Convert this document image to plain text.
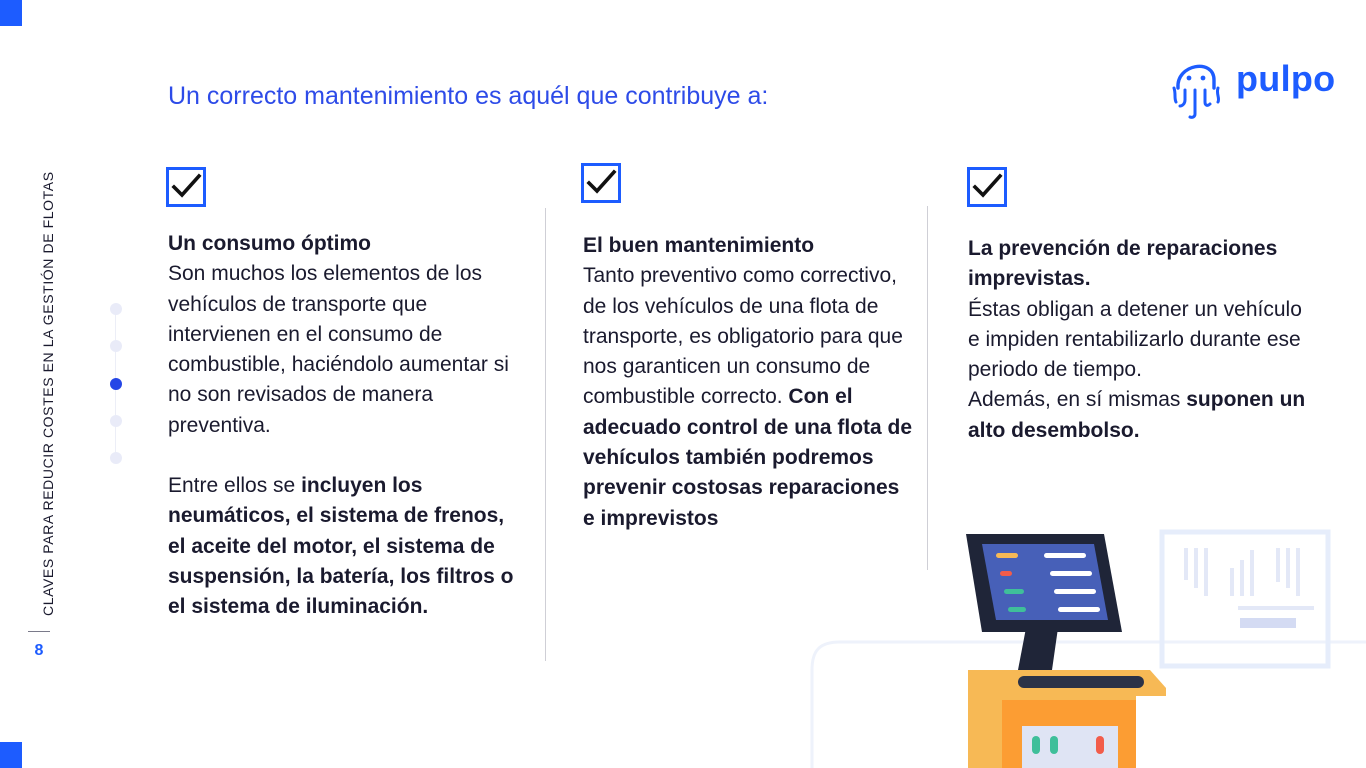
CLAVES PARA REDUCIR COSTES EN LA GESTIÓN DE FLOTAS
8
Un correcto mantenimiento es aquél que contribuye a:	pulpo

Un consumo óptimo

Son muchos los elementos de los vehículos de transporte que intervienen en el consumo de combustible, haciéndolo aumentar si no son revisados de manera preventiva.

Entre ellos se incluyen los neumáticos, el sistema de frenos, el aceite del motor, el sistema de suspensión, la batería, los filtros o el sistema de iluminación.

El buen mantenimiento

Tanto preventivo como correctivo, de los vehículos de una flota de transporte, es obligatorio para que nos garanticen un consumo de combustible correcto. Con el adecuado control de una flota de vehículos también podremos prevenir costosas reparaciones e imprevistos

La prevención de reparaciones imprevistas.

Éstas obligan a detener un vehículo e impiden rentabilizarlo durante ese periodo de tiempo.

Además, en sí mismas suponen un alto desembolso.
